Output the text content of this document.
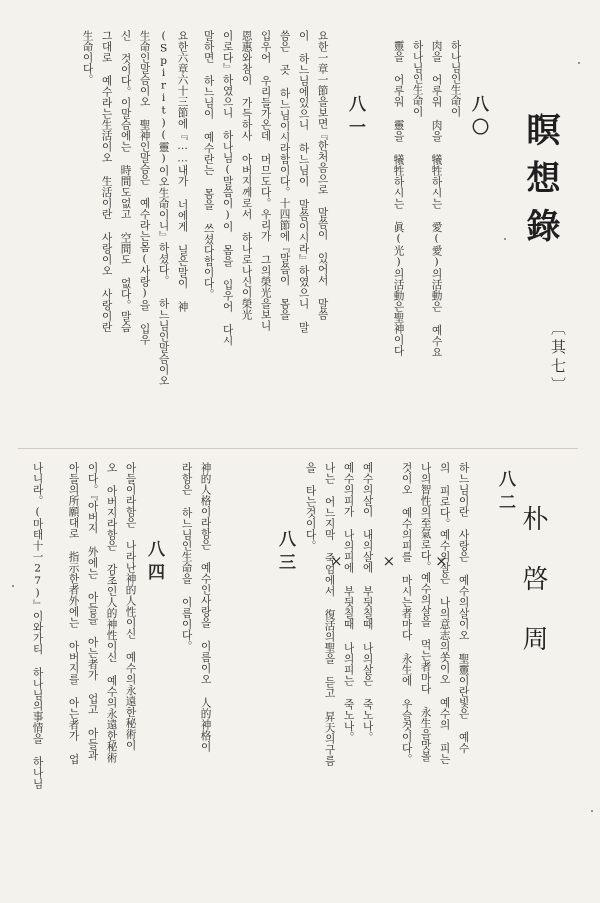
瞑想錄
〔其七〕
朴啓周
八〇
하나님인生命이
肉을 어루워 肉을 犧牲하시는 愛(愛)의活動은 예수요
하나님인生命이
靈을 어루워 靈을 犧牲하시는 眞(光)의活動은聖神이다
八一
요한一章一節을보면『한처음으로 말씀이 있어서 말씀
이 하느님에있으니 하느님이 말씀이시라』하였으니 말
씀은 곳 하느님이시라함이다。十四節에『말씀이 몸을
입우어 우리들가온데 머므도다。우리가 그의榮光을보니
恩惠와참이 가득하사 아버지께로서 하나로나신이榮光
이로다』하였으니 하나님(말씀이)이 몸을 입우어 다시
말하면 하느님이 예수란는 몸을 쓰셨다함이다。
요한六章六十三節에『……내가 너에게 닐은말이 神
(Spirit)(靈)이오生命이니』하셨다。 하느님인말슴이오
生命인말슴이오 聖神인말슴은 예수라는몸(사랑)을 입우
신 것이다。이말슴에는 時間도없고 空間도 없다。말슴
그대로 예수라는生活이오 生活이란 사랑이오 사랑이란
生命이다。
八二
하느님이란 사랑은 예수의살이오 聖靈이란빛은 예수
의 피로다。예수의살은 나의意志의쏫이오 예수의 피는
나의智性의至氣로다。예수의살을 먹는者마다 永生을맛볼
것이오 예수의피를 마시는者마다 永生에 우슬것이다。
×××
예수의살이 내의살에 부딋칠때 나의살은 죽노나。
예수의피가 나의피에 부딋칠때 나의피는 죽노나。
나는 어느지막 죽엄에서 復活의聖을 듣고 昇天의구름
을 타는것이다。
八三
神的人格이라함은 예수인사랑을 이름이오 人的神格이
라함은 하느님인生命을 이름이다。
八四
아들이라함은 나라난神的人性이신 예수의永遠한秘術이
오 아버지라함은 감초인人的神性이신 예수의永遠한秘術
이다。『아버지 外에는 아들을 아는者가 업고 아들과
아들의所願대로 指示한者外에는 아버지를 아는者가 업
나니라。(마태十一27)』이와가티 하나님의事情을 하나님
